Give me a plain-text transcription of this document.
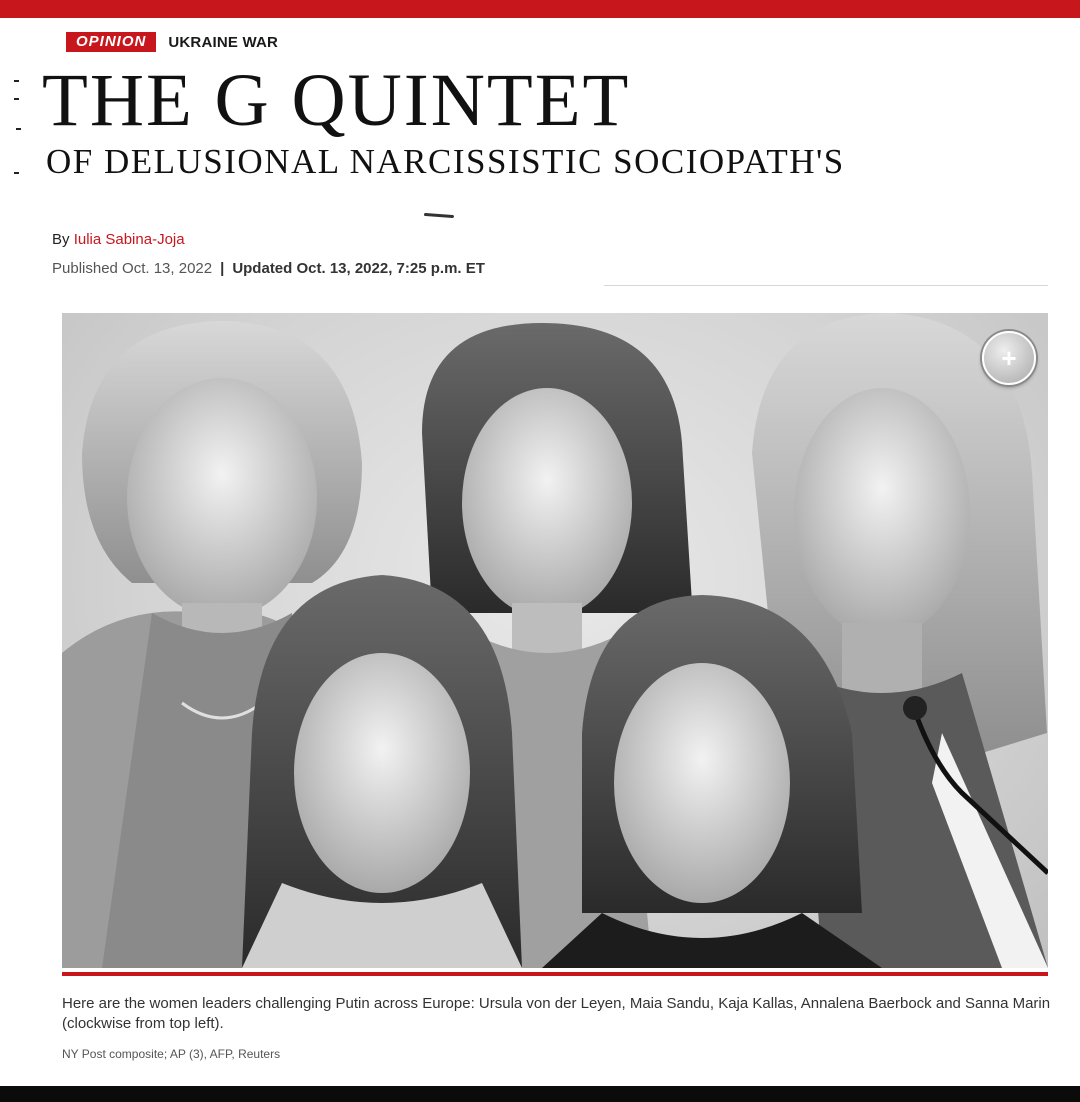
OPINION	UKRAINE WAR
THE G QUINTET
OF DELUSIONAL NARCISSISTIC SOCIOPATH'S
By Iulia Sabina-Joja
Published Oct. 13, 2022 | Updated Oct. 13, 2022, 7:25 p.m. ET
+

Here are the women leaders challenging Putin across Europe: Ursula von der Leyen, Maia Sandu, Kaja Kallas, Annalena Baerbock and Sanna Marin (clockwise from top left).

NY Post composite; AP (3), AFP, Reuters
